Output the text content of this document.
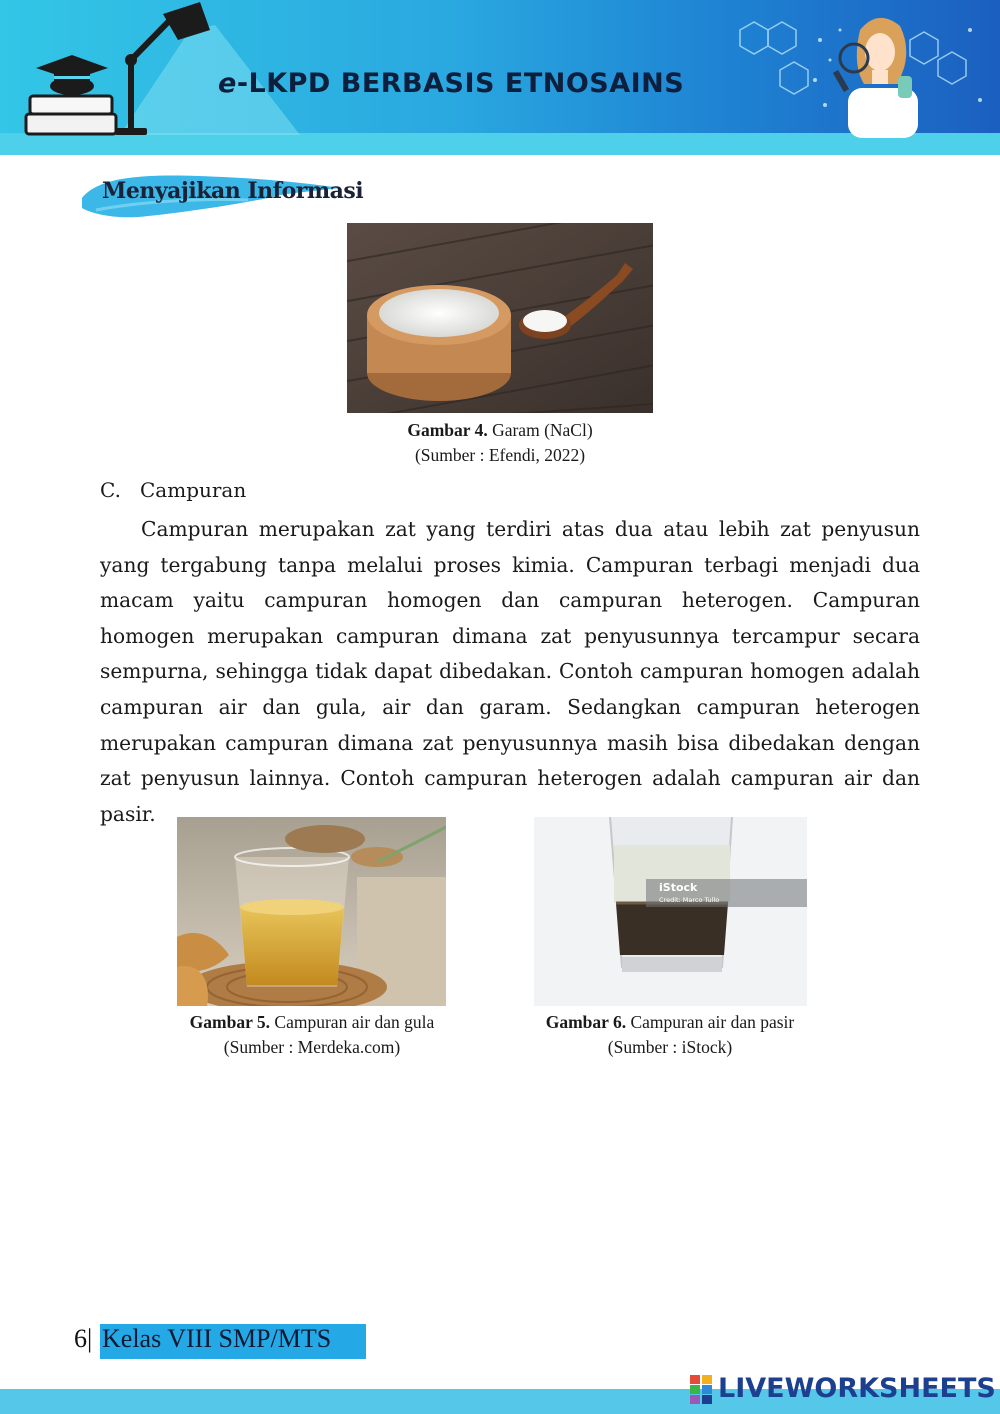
e-LKPD BERBASIS ETNOSAINS
Menyajikan Informasi
Gambar 4. Garam (NaCl)
(Sumber : Efendi, 2022)
C. Campuran

Campuran merupakan zat yang terdiri atas dua atau lebih zat penyusun yang tergabung tanpa melalui proses kimia. Campuran terbagi menjadi dua macam yaitu campuran homogen dan campuran heterogen. Campuran homogen merupakan campuran dimana zat penyusunnya tercampur secara sempurna, sehingga tidak dapat dibedakan. Contoh campuran homogen adalah campuran air dan gula, air dan garam. Sedangkan campuran heterogen merupakan campuran dimana zat penyusunnya masih bisa dibedakan dengan zat penyusun lainnya. Contoh campuran heterogen adalah campuran air dan pasir.

Gambar 5. Campuran air dan gula
(Sumber : Merdeka.com)
iStock
Credit: Marco Tullo
Gambar 6. Campuran air dan pasir
(Sumber : iStock)
Kelas VIII SMP/MTS
6|
LIVEWORKSHEETS
